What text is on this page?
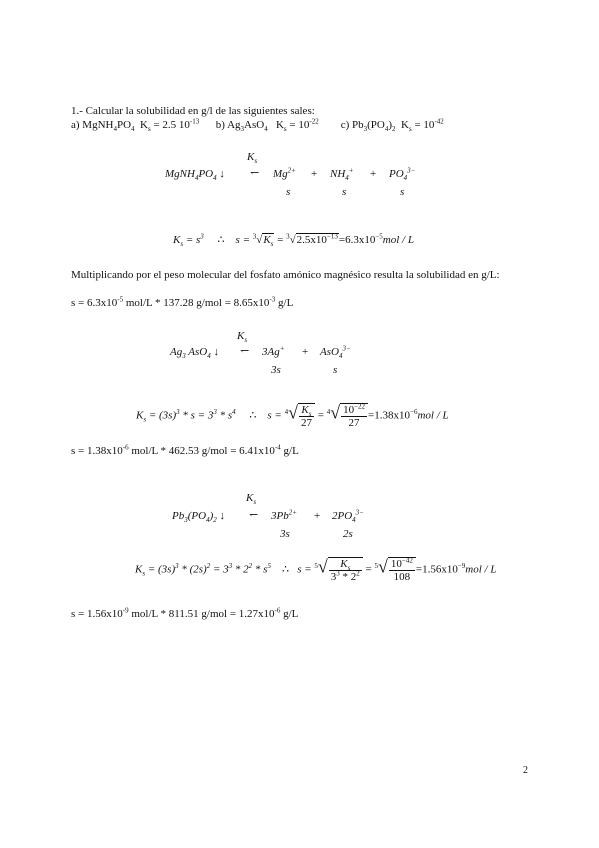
1.- Calcular la solubilidad en g/l de las siguientes sales:
a) $MgNH_4PO_4$ $K_s = 2.5$ $10^{-13}$ b) $Ag_3AsO_4$ $K_s = 10^{-22}$ c) $Pb_3(PO_4)_2$ $K_s = 10^{-42}$
$K_s$
$MgNH_4PO_4$ ↓ ↽ $Mg^{2+} + NH_4^+ + PO_4^{3-}$
s	s	s
$K_s = s^3$ ∴ $s = ^3√K_s = ^3√2.5x10^{-13}=6.3x10^{-5}mol / L$
Multiplicando por el peso molecular del fosfato amónico magnésico resulta la solubilidad en g/L:
$s = 6.3x10^{-5}$ mol/L * 137.28 $g/mol = 8.65x10^{-3}$ g/L
$K_s$
$Ag_3$ AsO$_4$ ↓ ↽ 3Ag+ + AsO$_4^{3-}$
3s	s
$K_s = (3s)^3 * s = 3^3 * s^4$ ∴ $s = ^4√ \frac{K_s}{27} = ^4√ \frac{10^{-22}}{27} =1.38x10^{-6}mol / L$
$s = 1.38x10^{-6}$ mol/L * 462.53 $g/mol = 6.41x10^{-4}$ g/L
$K_s$
$Pb_3(PO_4)_2$ ↓ ↽ $3Pb^{2+} + 2PO_4^{3-}$
3s	2s
$K_s = (3s)^3 * (2s)^2 = 3^3 * 2^2 * s^5$ ∴ $s = ^5√ \frac{K_s}{3^3 * 2^2} = ^5√ \frac{10^{-42}}{108} =1.56x10^{-9}mol / L$
$s = 1.56x10^{-9}$ mol/L * 811.51 $g/mol = 1.27x10^{-6}$ g/L
2
